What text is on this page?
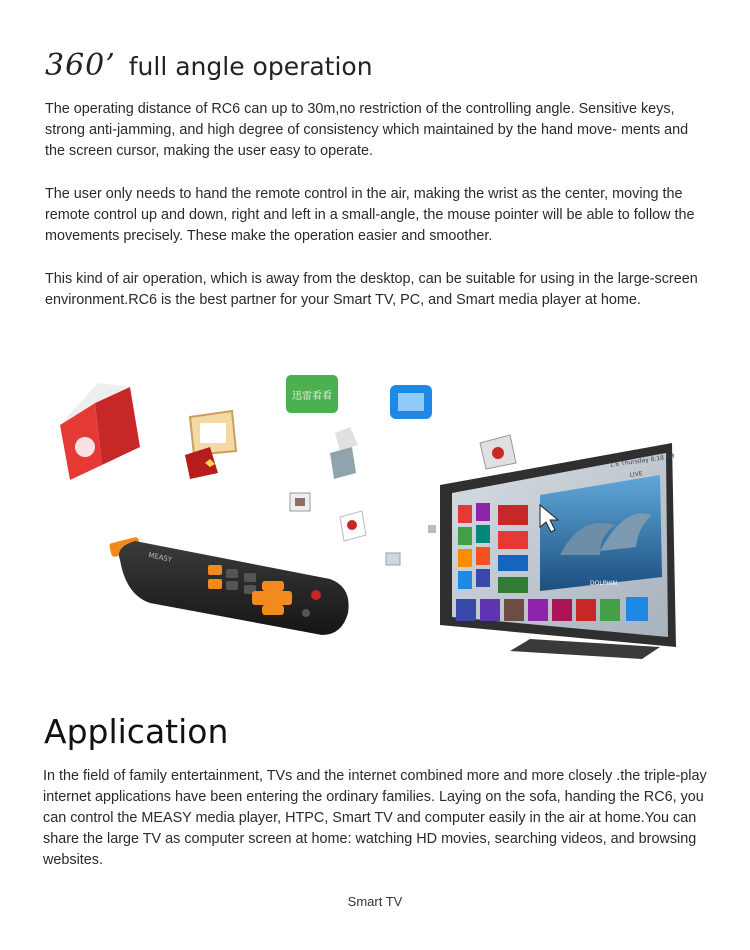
360’ full angle operation
The operating distance of RC6 can up to 30m,no restriction of the controlling angle. Sensitive keys, strong anti-jamming, and high degree of consistency which maintained by the hand move- ments and the screen cursor, making the user easy to operate.
The user only needs to hand the remote control in the air, making the wrist as the center, moving the remote control up and down, right and left in a small-angle, the mouse pointer will be able to follow the movements precisely. These make the operation easier and smoother.
This kind of air operation, which is away from the desktop, can be suitable for using in the large-screen environment.RC6 is the best partner for your Smart TV, PC, and Smart media player at home.
迅雷看看
MEASY
1.6 Thursday 8:18 PM
LIVE
DOLPHIN
Application
In the field of family entertainment, TVs and the internet combined more and more closely .the triple-play internet applications have been entering the ordinary families. Laying on the sofa, handing the RC6, you can control the MEASY media player, HTPC, Smart TV and computer easily in the air at home.You can share the large TV as computer screen at home: watching HD movies, searching videos, and browsing websites.
Smart TV
